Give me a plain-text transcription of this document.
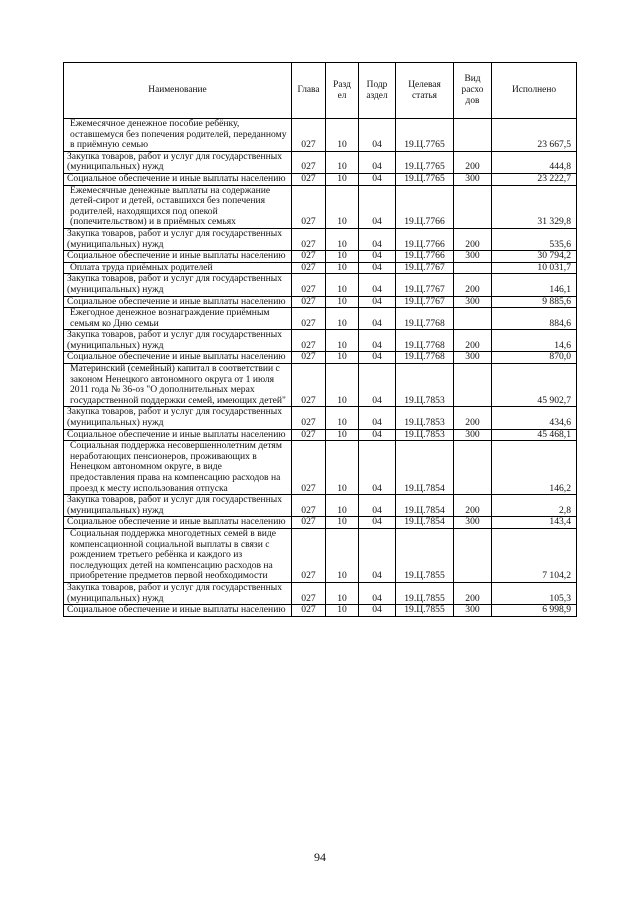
Наименование	Глава	Разд ел	Подр аздел	Целевая статья	Вид расхо дов	Исполнено
Ежемесячное денежное пособие ребёнку, оставшемуся без попечения родителей, переданному в приёмную семью	027	10	04	19.Ц.7765		23 667,5
Закупка товаров, работ и услуг для государственных (муниципальных) нужд	027	10	04	19.Ц.7765	200	444,8
Социальное обеспечение и иные выплаты населению	027	10	04	19.Ц.7765	300	23 222,7
Ежемесячные денежные выплаты на содержание детей-сирот и детей, оставшихся без попечения родителей, находящихся под опекой (попечительством) и в приёмных семьях	027	10	04	19.Ц.7766		31 329,8
Закупка товаров, работ и услуг для государственных (муниципальных) нужд	027	10	04	19.Ц.7766	200	535,6
Социальное обеспечение и иные выплаты населению	027	10	04	19.Ц.7766	300	30 794,2
Оплата труда приёмных родителей	027	10	04	19.Ц.7767		10 031,7
Закупка товаров, работ и услуг для государственных (муниципальных) нужд	027	10	04	19.Ц.7767	200	146,1
Социальное обеспечение и иные выплаты населению	027	10	04	19.Ц.7767	300	9 885,6
Ежегодное денежное вознаграждение приёмным семьям ко Дню семьи	027	10	04	19.Ц.7768		884,6
Закупка товаров, работ и услуг для государственных (муниципальных) нужд	027	10	04	19.Ц.7768	200	14,6
Социальное обеспечение и иные выплаты населению	027	10	04	19.Ц.7768	300	870,0
Материнский (семейный) капитал в соответствии с законом Ненецкого автономного округа от 1 июля 2011 года № 36-оз "О дополнительных мерах государственной поддержки семей, имеющих детей"	027	10	04	19.Ц.7853		45 902,7
Закупка товаров, работ и услуг для государственных (муниципальных) нужд	027	10	04	19.Ц.7853	200	434,6
Социальное обеспечение и иные выплаты населению	027	10	04	19.Ц.7853	300	45 468,1
Социальная поддержка несовершеннолетним детям неработающих пенсионеров, проживающих в Ненецком автономном округе, в виде предоставления права на компенсацию расходов на проезд к месту использования отпуска	027	10	04	19.Ц.7854		146,2
Закупка товаров, работ и услуг для государственных (муниципальных) нужд	027	10	04	19.Ц.7854	200	2,8
Социальное обеспечение и иные выплаты населению	027	10	04	19.Ц.7854	300	143,4
Социальная поддержка многодетных семей в виде компенсационной социальной выплаты в связи с рождением третьего ребёнка и каждого из последующих детей на компенсацию расходов на приобретение предметов первой необходимости	027	10	04	19.Ц.7855		7 104,2
Закупка товаров, работ и услуг для государственных (муниципальных) нужд	027	10	04	19.Ц.7855	200	105,3
Социальное обеспечение и иные выплаты населению	027	10	04	19.Ц.7855	300	6 998,9
94
